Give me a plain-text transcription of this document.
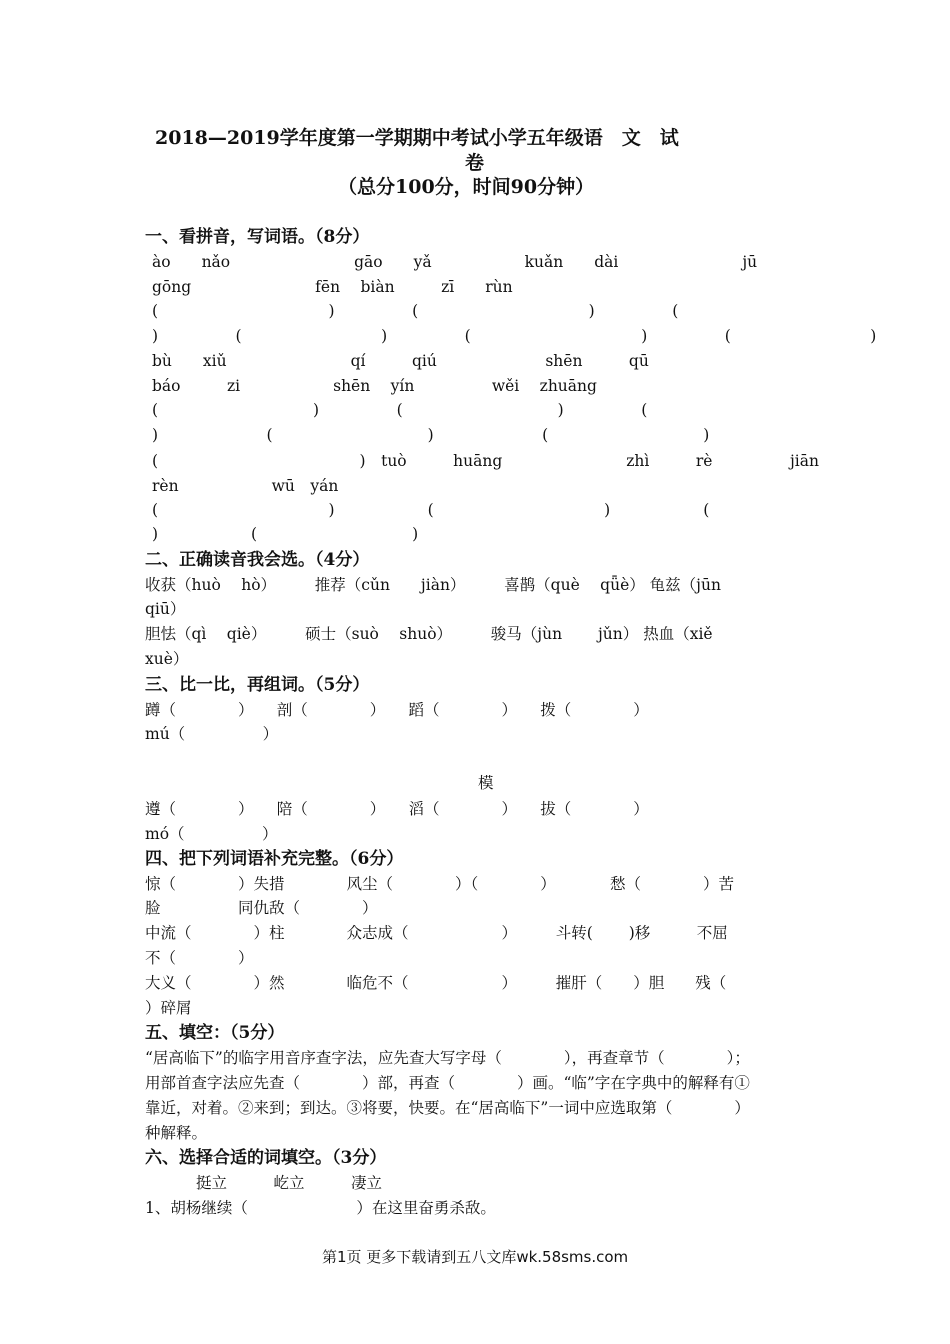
2018—2019学年度第一学期期中考试小学五年级语　文　试
卷
（总分100分，时间90分钟）
一、看拼音，写词语。（8分）
ào　　nǎo　　　　　　　　gāo　　yǎ　　　　　　kuǎn　　dài　　　　　　　　jū
gōng　　　　　　　　fēn　 biàn　　　zī　　rùn
(　　　　　　　　　　　)　　　　　(　　　　　　　　　　　)　　　　　(
)　　　　　(　　　　　　　　　)　　　　　(　　　　　　　　　　　)　　　　　(　　　　　　　　　)
bù　　xiǔ　　　　　　　　qí　　　qiú　　　　　　　shēn　　　qū
báo　　　zi　　　　　　shēn　 yín　　　　　wěi　 zhuāng
(　　　　　　　　　　)　　　　　(　　　　　　　　　　)　　　　　(
)　　　　　　　(　　　　　　　　　　)　　　　　　　(　　　　　　　　　　)
(　　　　　　　　　　　　　)　tuò　　　huāng　　　　　　　　zhì　　　rè　　　　　jiān
rèn　　　　　　wū　yán
(　　　　　　　　　　　)　　　　　　(　　　　　　　　　　　)　　　　　　(
)　　　　　　(　　　　　　　　　　)
二、正确读音我会选。（4分）
收获（huò　 hò）　　　推荐（cǔn　　jiàn）　　　喜鹊（què　 qǖè） 龟兹（jūn
qiū）
胆怯（qì　 qiè）　　　硕士（suò　 shuò）　　　骏马（jùn　　 jǔn） 热血（xiě
xuè）
三、比一比，再组词。（5分）
蹲（　　　　）　　剖（　　　　）　　蹈（　　　　）　　拨（　　　　）
mú（　　　　　）
模
遵（　　　　）　　陪（　　　　）　　滔（　　　　）　　拔（　　　　）
mó（　　　　　）
四、把下列词语补充完整。（6分）
惊（　　　　）失措　　　　风尘（　　　　）（　　　　）　　　　愁（　　　　）苦
脸　　　　　同仇敌（　　　　）
中流（　　　　）柱　　　　众志成（　　　　　　）　　　斗转(　　 )移　　　不屈
不（　　　　）
大义（　　　　）然　　　　临危不（　　　　　　）　　　摧肝（　　）胆　　残（
）碎屑
五、填空：（5分）
“居高临下”的临字用音序查字法，应先查大写字母（　　　　），再查章节（　　　　）；
用部首查字法应先查（　　　　）部，再查（　　　　）画。“临”字在字典中的解释有①
靠近，对着。②来到；到达。③将要，快要。在“居高临下”一词中应选取第（　　　　）
种解释。
六、选择合适的词填空。（3分）
挺立　　　屹立　　　凄立
1、胡杨继续（　　　　　　　）在这里奋勇杀敌。
第1页 更多下载请到五八文库wk.58sms.com
